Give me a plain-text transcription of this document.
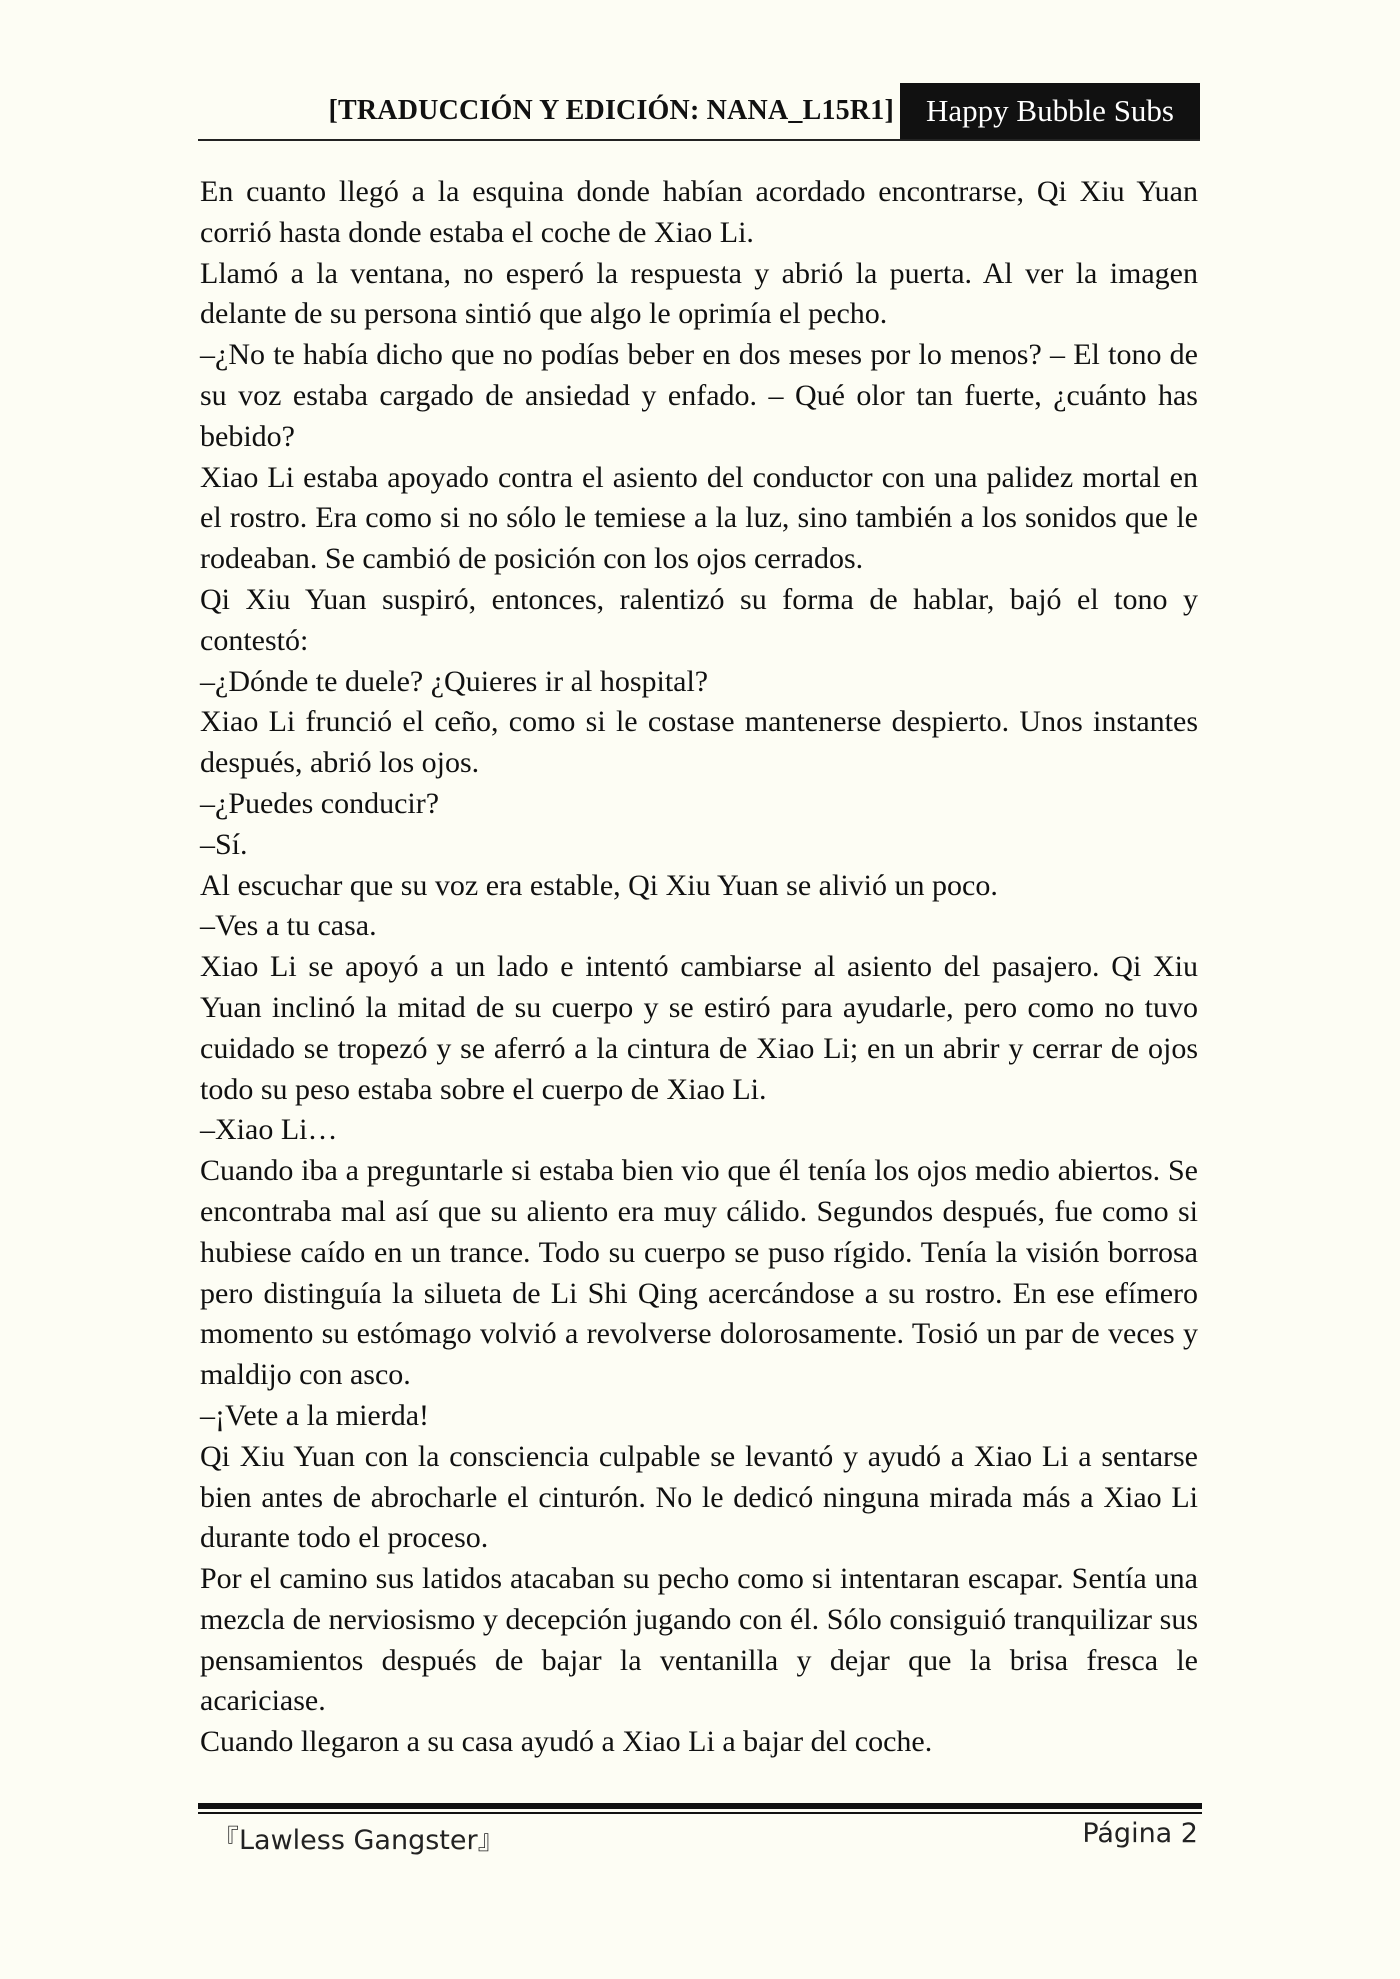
[TRADUCCIÓN Y EDICIÓN: NANA_L15R1]	Happy Bubble Subs

En cuanto llegó a la esquina donde habían acordado encontrarse, Qi Xiu Yuan corrió hasta donde estaba el coche de Xiao Li.

Llamó a la ventana, no esperó la respuesta y abrió la puerta. Al ver la imagen delante de su persona sintió que algo le oprimía el pecho.

–¿No te había dicho que no podías beber en dos meses por lo menos? – El tono de su voz estaba cargado de ansiedad y enfado. – Qué olor tan fuerte, ¿cuánto has bebido?

Xiao Li estaba apoyado contra el asiento del conductor con una palidez mortal en el rostro. Era como si no sólo le temiese a la luz, sino también a los sonidos que le rodeaban. Se cambió de posición con los ojos cerrados.

Qi Xiu Yuan suspiró, entonces, ralentizó su forma de hablar, bajó el tono y contestó:

–¿Dónde te duele? ¿Quieres ir al hospital?

Xiao Li frunció el ceño, como si le costase mantenerse despierto. Unos instantes después, abrió los ojos.

–¿Puedes conducir?

–Sí.

Al escuchar que su voz era estable, Qi Xiu Yuan se alivió un poco.

–Ves a tu casa.

Xiao Li se apoyó a un lado e intentó cambiarse al asiento del pasajero. Qi Xiu Yuan inclinó la mitad de su cuerpo y se estiró para ayudarle, pero como no tuvo cuidado se tropezó y se aferró a la cintura de Xiao Li; en un abrir y cerrar de ojos todo su peso estaba sobre el cuerpo de Xiao Li.

–Xiao Li…

Cuando iba a preguntarle si estaba bien vio que él tenía los ojos medio abiertos. Se encontraba mal así que su aliento era muy cálido. Segundos después, fue como si hubiese caído en un trance. Todo su cuerpo se puso rígido. Tenía la visión borrosa pero distinguía la silueta de Li Shi Qing acercándose a su rostro. En ese efímero momento su estómago volvió a revolverse dolorosamente. Tosió un par de veces y maldijo con asco.

–¡Vete a la mierda!

Qi Xiu Yuan con la consciencia culpable se levantó y ayudó a Xiao Li a sentarse bien antes de abrocharle el cinturón. No le dedicó ninguna mirada más a Xiao Li durante todo el proceso.

Por el camino sus latidos atacaban su pecho como si intentaran escapar. Sentía una mezcla de nerviosismo y decepción jugando con él. Sólo consiguió tranquilizar sus pensamientos después de bajar la ventanilla y dejar que la brisa fresca le acariciase.

Cuando llegaron a su casa ayudó a Xiao Li a bajar del coche.

『Lawless Gangster』	Página 2
